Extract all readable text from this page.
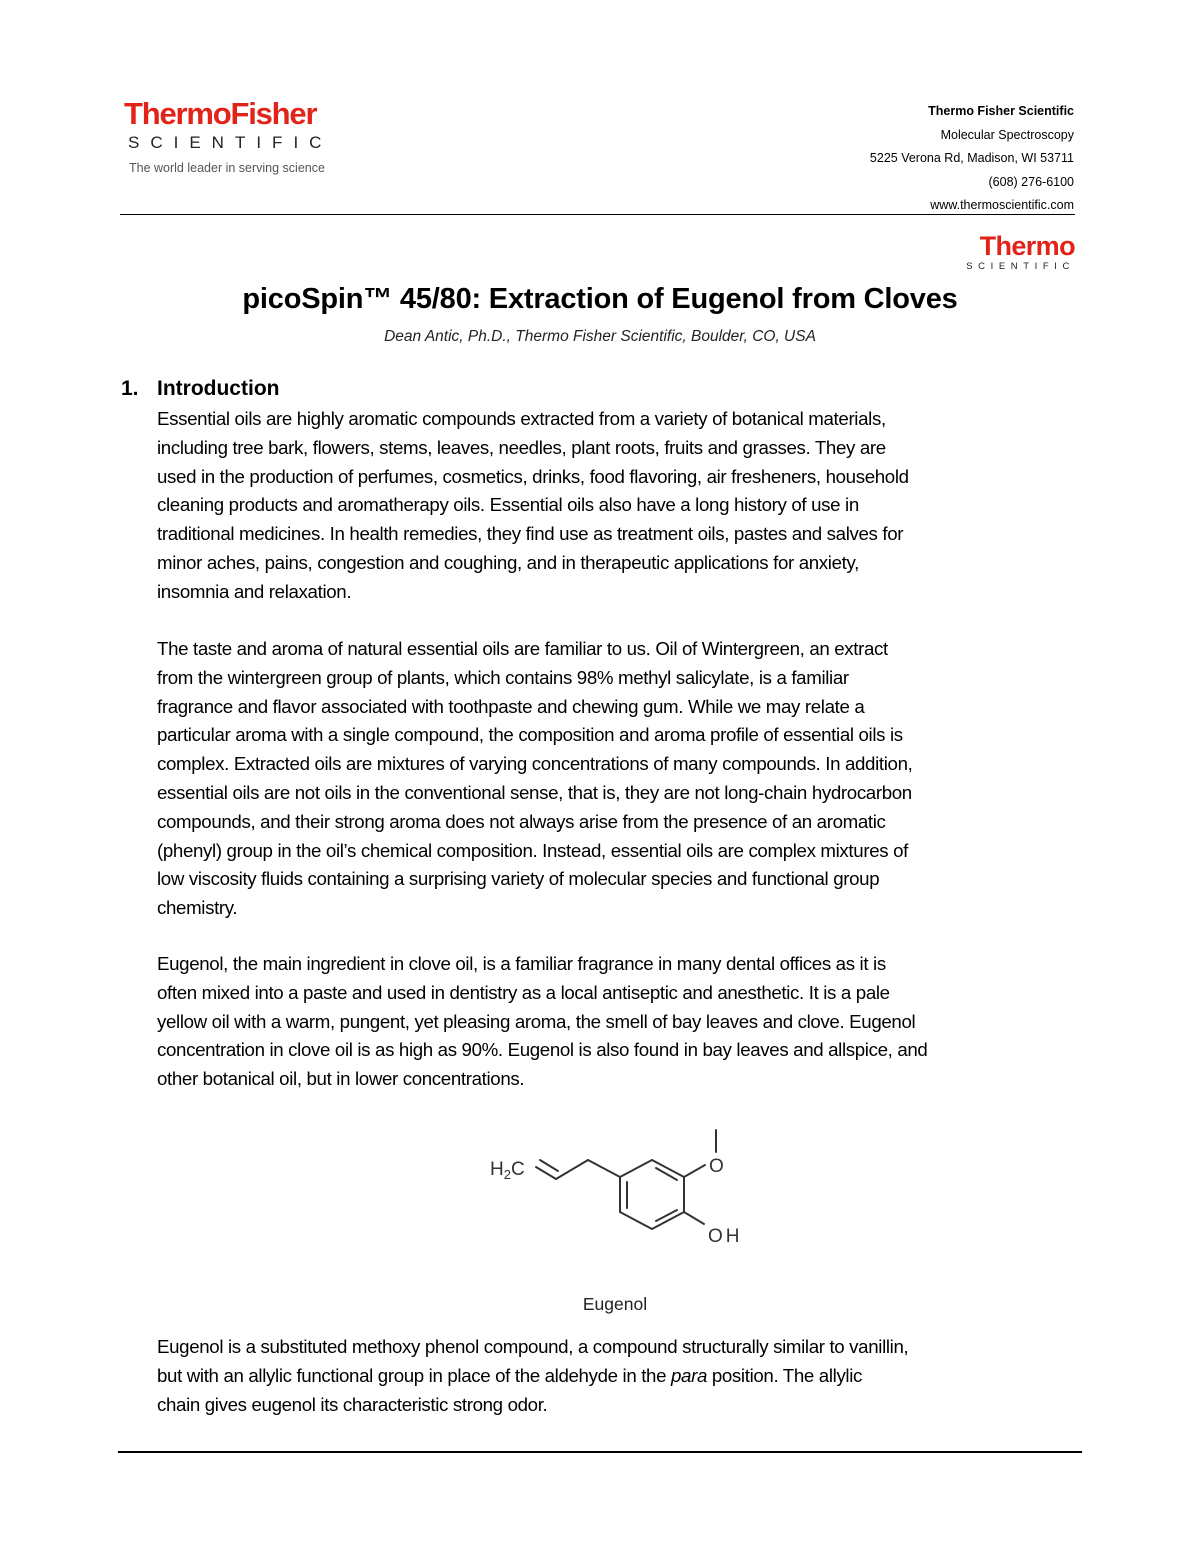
ThermoFisher
SCIENTIFIC
The world leader in serving science
Thermo Fisher Scientific
Molecular Spectroscopy
5225 Verona Rd, Madison, WI 53711
(608) 276-6100
www.thermoscientific.com
Thermo
SCIENTIFIC
picoSpin™ 45/80: Extraction of Eugenol from Cloves
Dean Antic, Ph.D., Thermo Fisher Scientific, Boulder, CO, USA
1. Introduction
Essential oils are highly aromatic compounds extracted from a variety of botanical materials,
including tree bark, flowers, stems, leaves, needles, plant roots, fruits and grasses. They are
used in the production of perfumes, cosmetics, drinks, food flavoring, air fresheners, household
cleaning products and aromatherapy oils. Essential oils also have a long history of use in
traditional medicines. In health remedies, they find use as treatment oils, pastes and salves for
minor aches, pains, congestion and coughing, and in therapeutic applications for anxiety,
insomnia and relaxation.
The taste and aroma of natural essential oils are familiar to us. Oil of Wintergreen, an extract
from the wintergreen group of plants, which contains 98% methyl salicylate, is a familiar
fragrance and flavor associated with toothpaste and chewing gum. While we may relate a
particular aroma with a single compound, the composition and aroma profile of essential oils is
complex. Extracted oils are mixtures of varying concentrations of many compounds. In addition,
essential oils are not oils in the conventional sense, that is, they are not long-chain hydrocarbon
compounds, and their strong aroma does not always arise from the presence of an aromatic
(phenyl) group in the oil’s chemical composition. Instead, essential oils are complex mixtures of
low viscosity fluids containing a surprising variety of molecular species and functional group
chemistry.
Eugenol, the main ingredient in clove oil, is a familiar fragrance in many dental offices as it is
often mixed into a paste and used in dentistry as a local antiseptic and anesthetic. It is a pale
yellow oil with a warm, pungent, yet pleasing aroma, the smell of bay leaves and clove. Eugenol
concentration in clove oil is as high as 90%. Eugenol is also found in bay leaves and allspice, and
other botanical oil, but in lower concentrations.
$H_2C$	O
OH
Eugenol
Eugenol is a substituted methoxy phenol compound, a compound structurally similar to vanillin,
but with an allylic functional group in place of the aldehyde in the para position. The allylic
chain gives eugenol its characteristic strong odor.
